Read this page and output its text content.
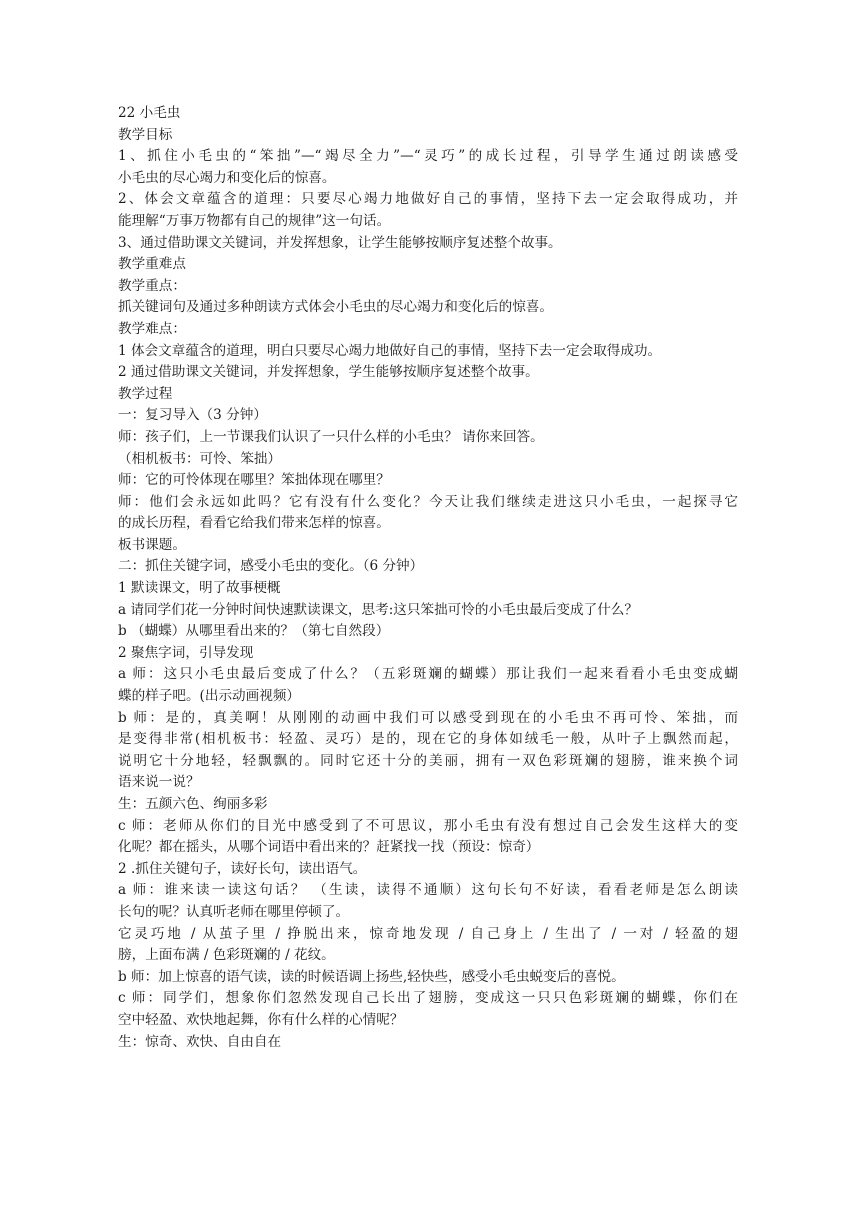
22 小毛虫
教学目标
1、抓住小毛虫的“笨拙”—“竭尽全力”—“灵巧”的成长过程，引导学生通过朗读感受
小毛虫的尽心竭力和变化后的惊喜。
2、体会文章蕴含的道理：只要尽心竭力地做好自己的事情，坚持下去一定会取得成功，并
能理解“万事万物都有自己的规律”这一句话。
3、通过借助课文关键词，并发挥想象，让学生能够按顺序复述整个故事。
教学重难点
教学重点：
抓关键词句及通过多种朗读方式体会小毛虫的尽心竭力和变化后的惊喜。
教学难点：
1 体会文章蕴含的道理，明白只要尽心竭力地做好自己的事情，坚持下去一定会取得成功。
2 通过借助课文关键词，并发挥想象，学生能够按顺序复述整个故事。
教学过程
一：复习导入（3 分钟）
师：孩子们，上一节课我们认识了一只什么样的小毛虫？ 请你来回答。
（相机板书：可怜、笨拙）
师：它的可怜体现在哪里？笨拙体现在哪里？
师：他们会永远如此吗？它有没有什么变化？今天让我们继续走进这只小毛虫，一起探寻它
的成长历程，看看它给我们带来怎样的惊喜。
板书课题。
二：抓住关键字词，感受小毛虫的变化。（6 分钟）
1 默读课文，明了故事梗概
a 请同学们花一分钟时间快速默读课文，思考:这只笨拙可怜的小毛虫最后变成了什么？
b （蝴蝶）从哪里看出来的？（第七自然段）
2 聚焦字词，引导发现
a 师：这只小毛虫最后变成了什么？（五彩斑斓的蝴蝶）那让我们一起来看看小毛虫变成蝴
蝶的样子吧。(出示动画视频）
b 师：是的，真美啊！从刚刚的动画中我们可以感受到现在的小毛虫不再可怜、笨拙，而
是变得非常(相机板书：轻盈、灵巧）是的，现在它的身体如绒毛一般，从叶子上飘然而起，
说明它十分地轻，轻飘飘的。同时它还十分的美丽，拥有一双色彩斑斓的翅膀，谁来换个词
语来说一说？
生：五颜六色、绚丽多彩
c 师：老师从你们的目光中感受到了不可思议，那小毛虫有没有想过自己会发生这样大的变
化呢？都在摇头，从哪个词语中看出来的？赶紧找一找（预设：惊奇）
2 .抓住关键句子，读好长句，读出语气。
a 师：谁来读一读这句话？ （生读，读得不通顺）这句长句不好读，看看老师是怎么朗读
长句的呢？认真听老师在哪里停顿了。
它灵巧地 / 从茧子里 / 挣脱出来，惊奇地发现 / 自己身上 / 生出了 / 一对 / 轻盈的翅
膀，上面布满 / 色彩斑斓的 / 花纹。
b 师：加上惊喜的语气读，读的时候语调上扬些,轻快些，感受小毛虫蜕变后的喜悦。
c 师：同学们，想象你们忽然发现自己长出了翅膀，变成这一只只色彩斑斓的蝴蝶，你们在
空中轻盈、欢快地起舞，你有什么样的心情呢？
生：惊奇、欢快、自由自在
